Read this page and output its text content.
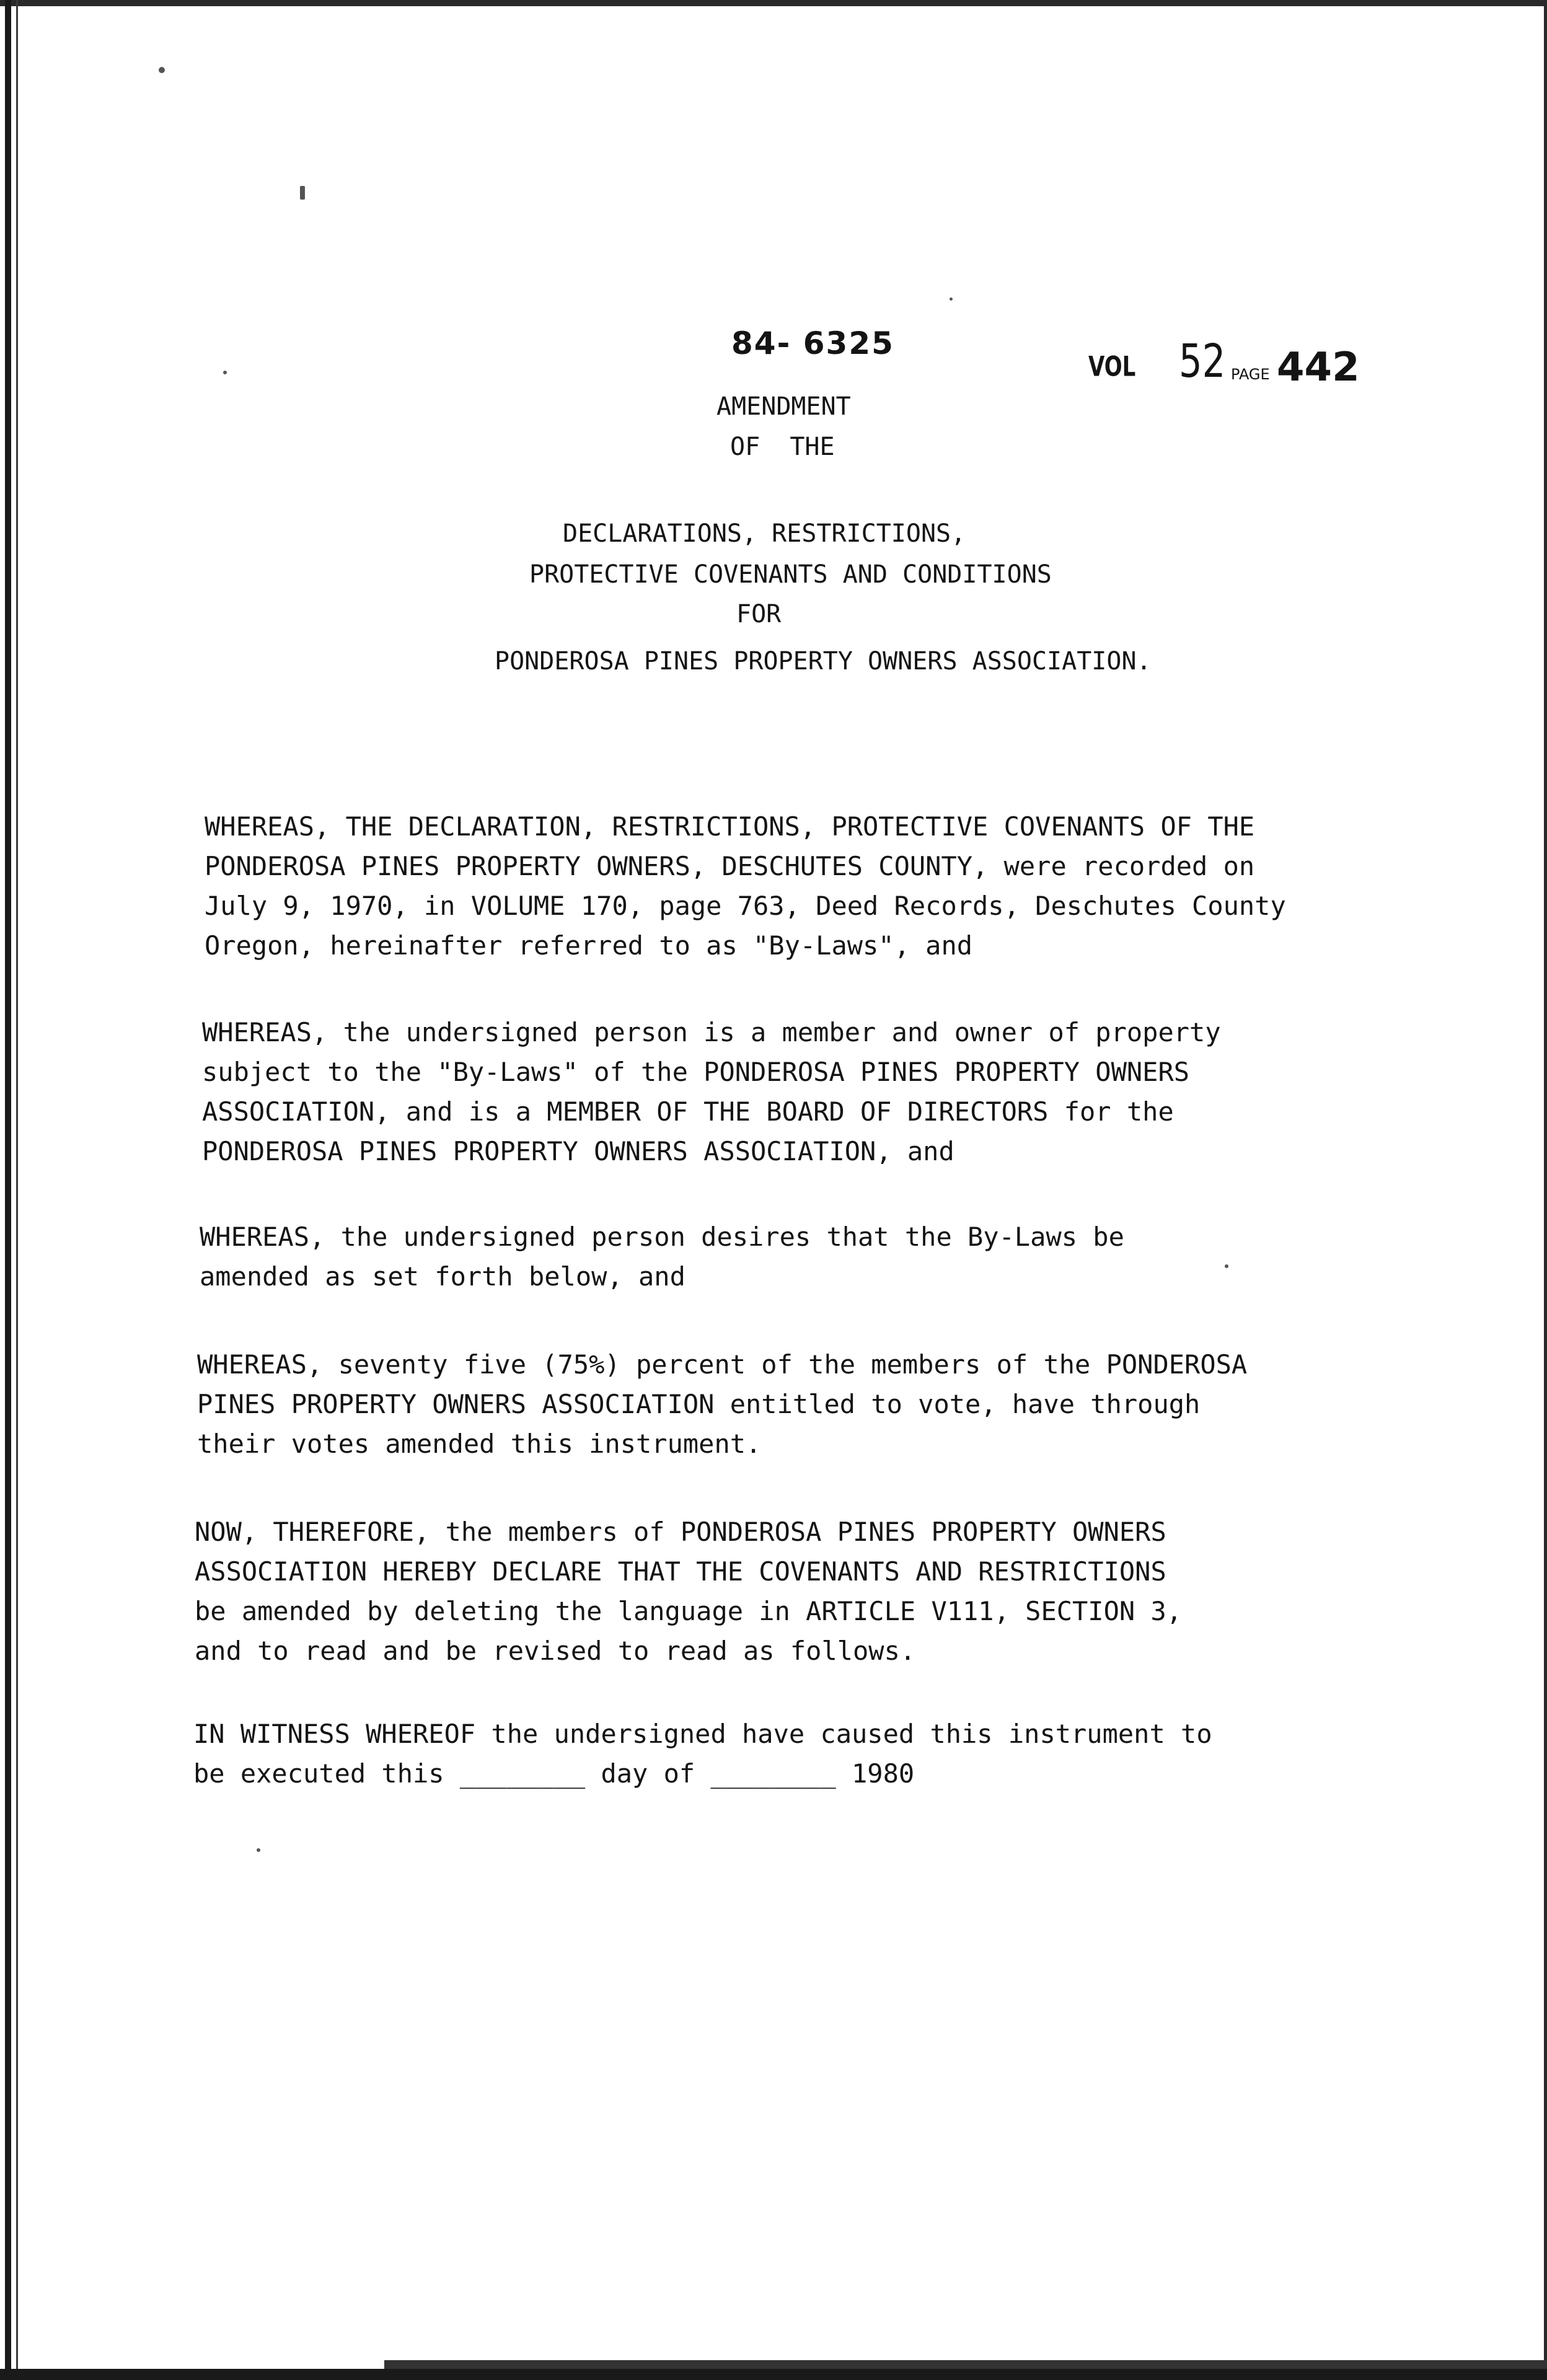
84- 6325
VOL 52 PAGE 442
AMENDMENT
OF  THE
DECLARATIONS, RESTRICTIONS,
PROTECTIVE COVENANTS AND CONDITIONS
FOR
PONDEROSA PINES PROPERTY OWNERS ASSOCIATION.
WHEREAS, THE DECLARATION, RESTRICTIONS, PROTECTIVE COVENANTS OF THE
PONDEROSA PINES PROPERTY OWNERS, DESCHUTES COUNTY, were recorded on
July 9, 1970, in VOLUME 170, page 763, Deed Records, Deschutes County
Oregon, hereinafter referred to as "By-Laws", and
WHEREAS, the undersigned person is a member and owner of property
subject to the "By-Laws" of the PONDEROSA PINES PROPERTY OWNERS
ASSOCIATION, and is a MEMBER OF THE BOARD OF DIRECTORS for the
PONDEROSA PINES PROPERTY OWNERS ASSOCIATION, and
WHEREAS, the undersigned person desires that the By-Laws be
amended as set forth below, and
WHEREAS, seventy five (75%) percent of the members of the PONDEROSA
PINES PROPERTY OWNERS ASSOCIATION entitled to vote, have through
their votes amended this instrument.
NOW, THEREFORE, the members of PONDEROSA PINES PROPERTY OWNERS
ASSOCIATION HEREBY DECLARE THAT THE COVENANTS AND RESTRICTIONS
be amended by deleting the language in ARTICLE V111, SECTION 3,
and to read and be revised to read as follows.
IN WITNESS WHEREOF the undersigned have caused this instrument to
be executed this ________ day of ________ 1980
